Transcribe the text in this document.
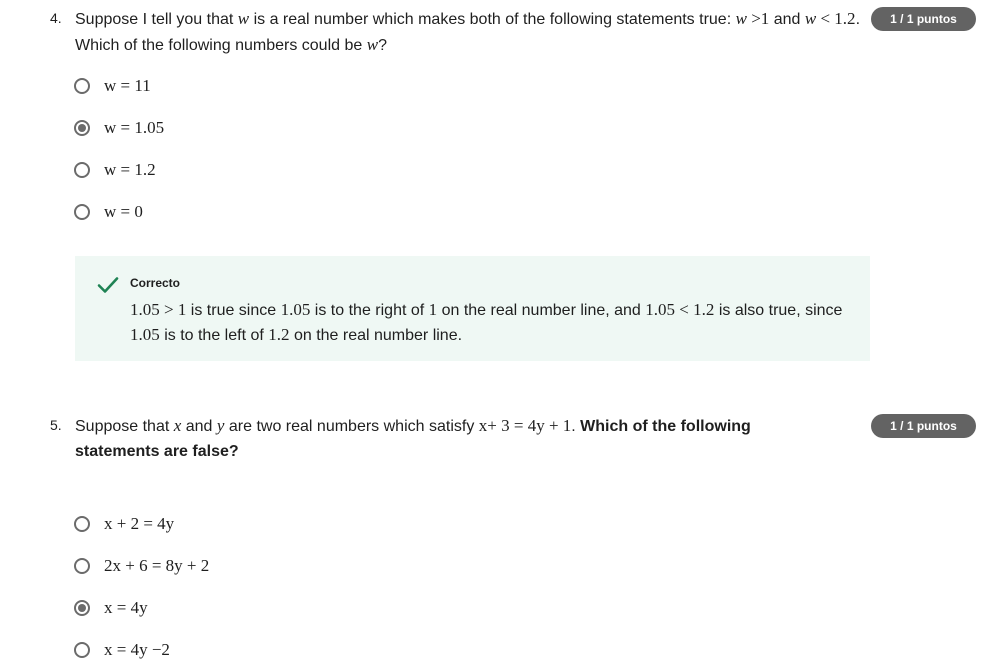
4. Suppose I tell you that w is a real number which makes both of the following statements true: w >1 and w < 1.2. Which of the following numbers could be w?
1 / 1 puntos
w = 11
w = 1.05
w = 1.2
w = 0
Correcto
1.05 > 1 is true since 1.05 is to the right of 1 on the real number line, and 1.05 < 1.2 is also true, since 1.05 is to the left of 1.2 on the real number line.
5. Suppose that x and y are two real numbers which satisfy x+ 3 = 4y + 1. Which of the following statements are false?
1 / 1 puntos
x + 2 = 4y
2x + 6 = 8y + 2
x = 4y
x = 4y −2
